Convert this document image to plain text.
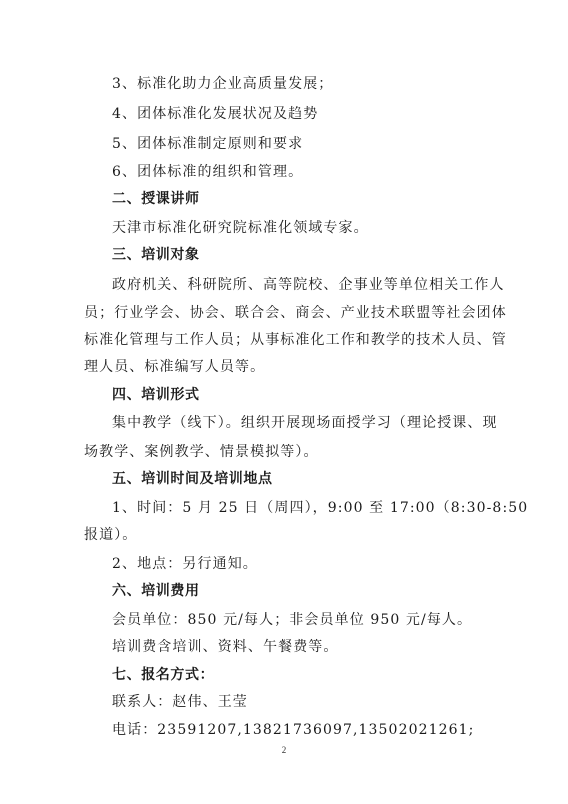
3、标准化助力企业高质量发展；
4、团体标准化发展状况及趋势
5、团体标准制定原则和要求
6、团体标准的组织和管理。
二、授课讲师
天津市标准化研究院标准化领域专家。
三、培训对象
政府机关、科研院所、高等院校、企事业等单位相关工作人
员；行业学会、协会、联合会、商会、产业技术联盟等社会团体
标准化管理与工作人员；从事标准化工作和教学的技术人员、管
理人员、标准编写人员等。
四、培训形式
集中教学（线下）。组织开展现场面授学习（理论授课、现
场教学、案例教学、情景模拟等）。
五、培训时间及培训地点
1、时间：5 月 25 日（周四），9:00 至 17:00（8:30-8:50
报道）。
2、地点：另行通知。
六、培训费用
会员单位：850 元/每人；非会员单位 950 元/每人。
培训费含培训、资料、午餐费等。
七、报名方式：
联系人：赵伟、王莹
电话：23591207,13821736097,13502021261;
2
